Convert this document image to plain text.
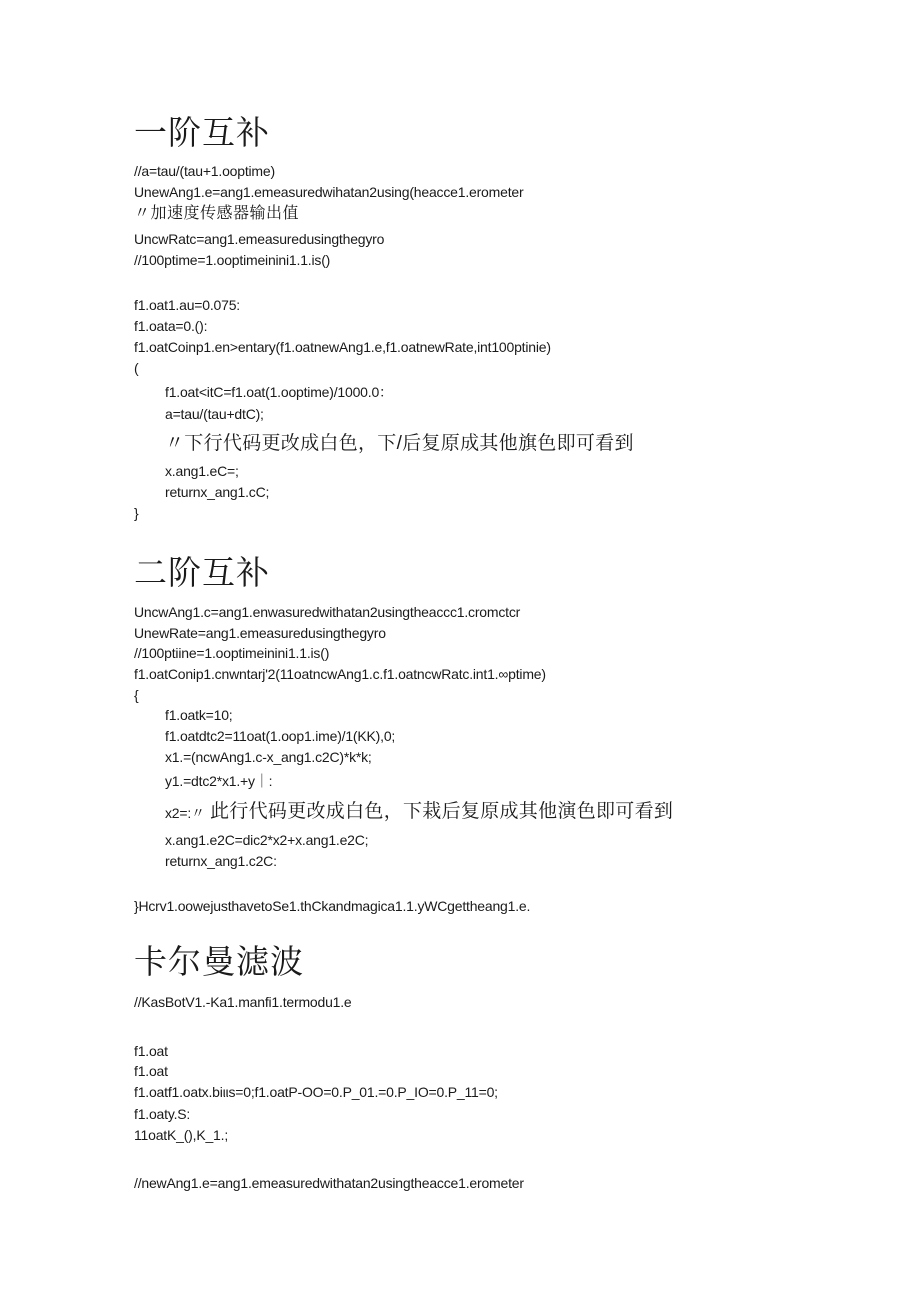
一阶互补
//a=tau/(tau+1.ooptime)
UnewAng1.e=ang1.emeasuredwihatan2using(heacce1.erometer
〃加速度传感器输出值
UncwRatc=ang1.emeasuredusingthegyro
//100ptime=1.ooptimeinini1.1.is()
f1.oat1.au=0.075:
f1.oata=0.():
f1.oatCoinp1.en>entary(f1.oatnewAng1.e,f1.oatnewRate,int100ptinie)
(
f1.oat<itC=f1.oat(1.ooptime)/1000.0：
a=tau/(tau+dtC);
〃下行代码更改成白色，下/后复原成其他旗色即可看到
x.ang1.eC=;
returnx_ang1.cC;
}
二阶互补
UncwAng1.c=ang1.enwasuredwithatan2usingtheaccc1.cromctcr
UnewRate=ang1.emeasuredusingthegyro
//100ptiine=1.ooptimeinini1.1.is()
f1.oatConip1.cnwntarj'2(11oatncwAng1.c.f1.oatncwRatc.int1.∞ptime)
{
f1.oatk=10;
f1.oatdtc2=11oat(1.oop1.ime)/1(KK),0;
x1.=(ncwAng1.c-x_ang1.c2C)*k*k;
y1.=dtc2*x1.+y｜:
x2=:〃 此行代码更改成白色，下栽后复原成其他演色即可看到
x.ang1.e2C=dic2*x2+x.ang1.e2C;
returnx_ang1.c2C:
}Hcrv1.oowejusthavetoSe1.thCkandmagica1.1.yWCgettheang1.e.
卡尔曼滤波
//KasBotV1.-Ka1.manfi1.termodu1.e
f1.oat
f1.oat
f1.oatf1.oatx.biιιs=0;f1.oatP-OO=0.P_01.=0.P_IO=0.P_11=0;
f1.oaty.S:
11oatK_(),K_1.;
//newAng1.e=ang1.emeasuredwithatan2usingtheacce1.erometer
